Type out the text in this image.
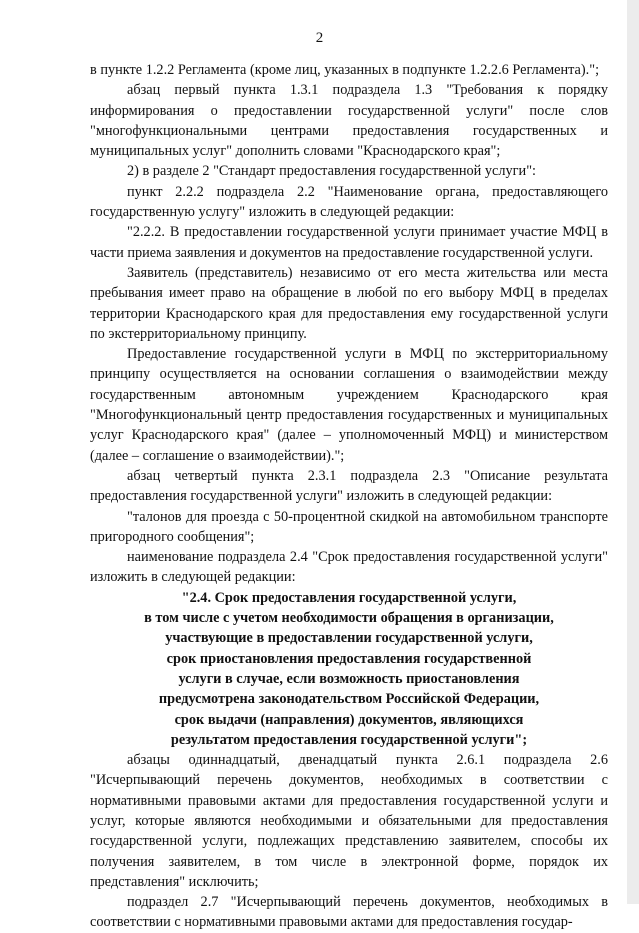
2

в пункте 1.2.2 Регламента (кроме лиц, указанных в подпункте 1.2.2.6 Регламента).";

абзац первый пункта 1.3.1 подраздела 1.3 "Требования к порядку информирования о предоставлении государственной услуги" после слов "многофункциональными центрами предоставления государственных и муниципальных услуг" дополнить словами "Краснодарского края";

2) в разделе 2 "Стандарт предоставления государственной услуги":

пункт 2.2.2 подраздела 2.2 "Наименование органа, предоставляющего государственную услугу" изложить в следующей редакции:

"2.2.2. В предоставлении государственной услуги принимает участие МФЦ в части приема заявления и документов на предоставление государственной услуги.

Заявитель (представитель) независимо от его места жительства или места пребывания имеет право на обращение в любой по его выбору МФЦ в пределах территории Краснодарского края для предоставления ему государственной услуги по экстерриториальному принципу.

Предоставление государственной услуги в МФЦ по экстерриториальному принципу осуществляется на основании соглашения о взаимодействии между государственным автономным учреждением Краснодарского края "Многофункциональный центр предоставления государственных и муниципальных услуг Краснодарского края" (далее – уполномоченный МФЦ) и министерством (далее – соглашение о взаимодействии).";

абзац четвертый пункта 2.3.1 подраздела 2.3 "Описание результата предоставления государственной услуги" изложить в следующей редакции:

"талонов для проезда с 50-процентной скидкой на автомобильном транспорте пригородного сообщения";

наименование подраздела 2.4 "Срок предоставления государственной услуги" изложить в следующей редакции:

"2.4. Срок предоставления государственной услуги,

в том числе с учетом необходимости обращения в организации,

участвующие в предоставлении государственной услуги,

срок приостановления предоставления государственной

услуги в случае, если возможность приостановления

предусмотрена законодательством Российской Федерации,

срок выдачи (направления) документов, являющихся

результатом предоставления государственной услуги";

абзацы одиннадцатый, двенадцатый пункта 2.6.1 подраздела 2.6 "Исчерпывающий перечень документов, необходимых в соответствии с нормативными правовыми актами для предоставления государственной услуги и услуг, которые являются необходимыми и обязательными для предоставления государственной услуги, подлежащих представлению заявителем, способы их получения заявителем, в том числе в электронной форме, порядок их представления" исключить;

подраздел 2.7 "Исчерпывающий перечень документов, необходимых в соответствии с нормативными правовыми актами для предоставления государ-
